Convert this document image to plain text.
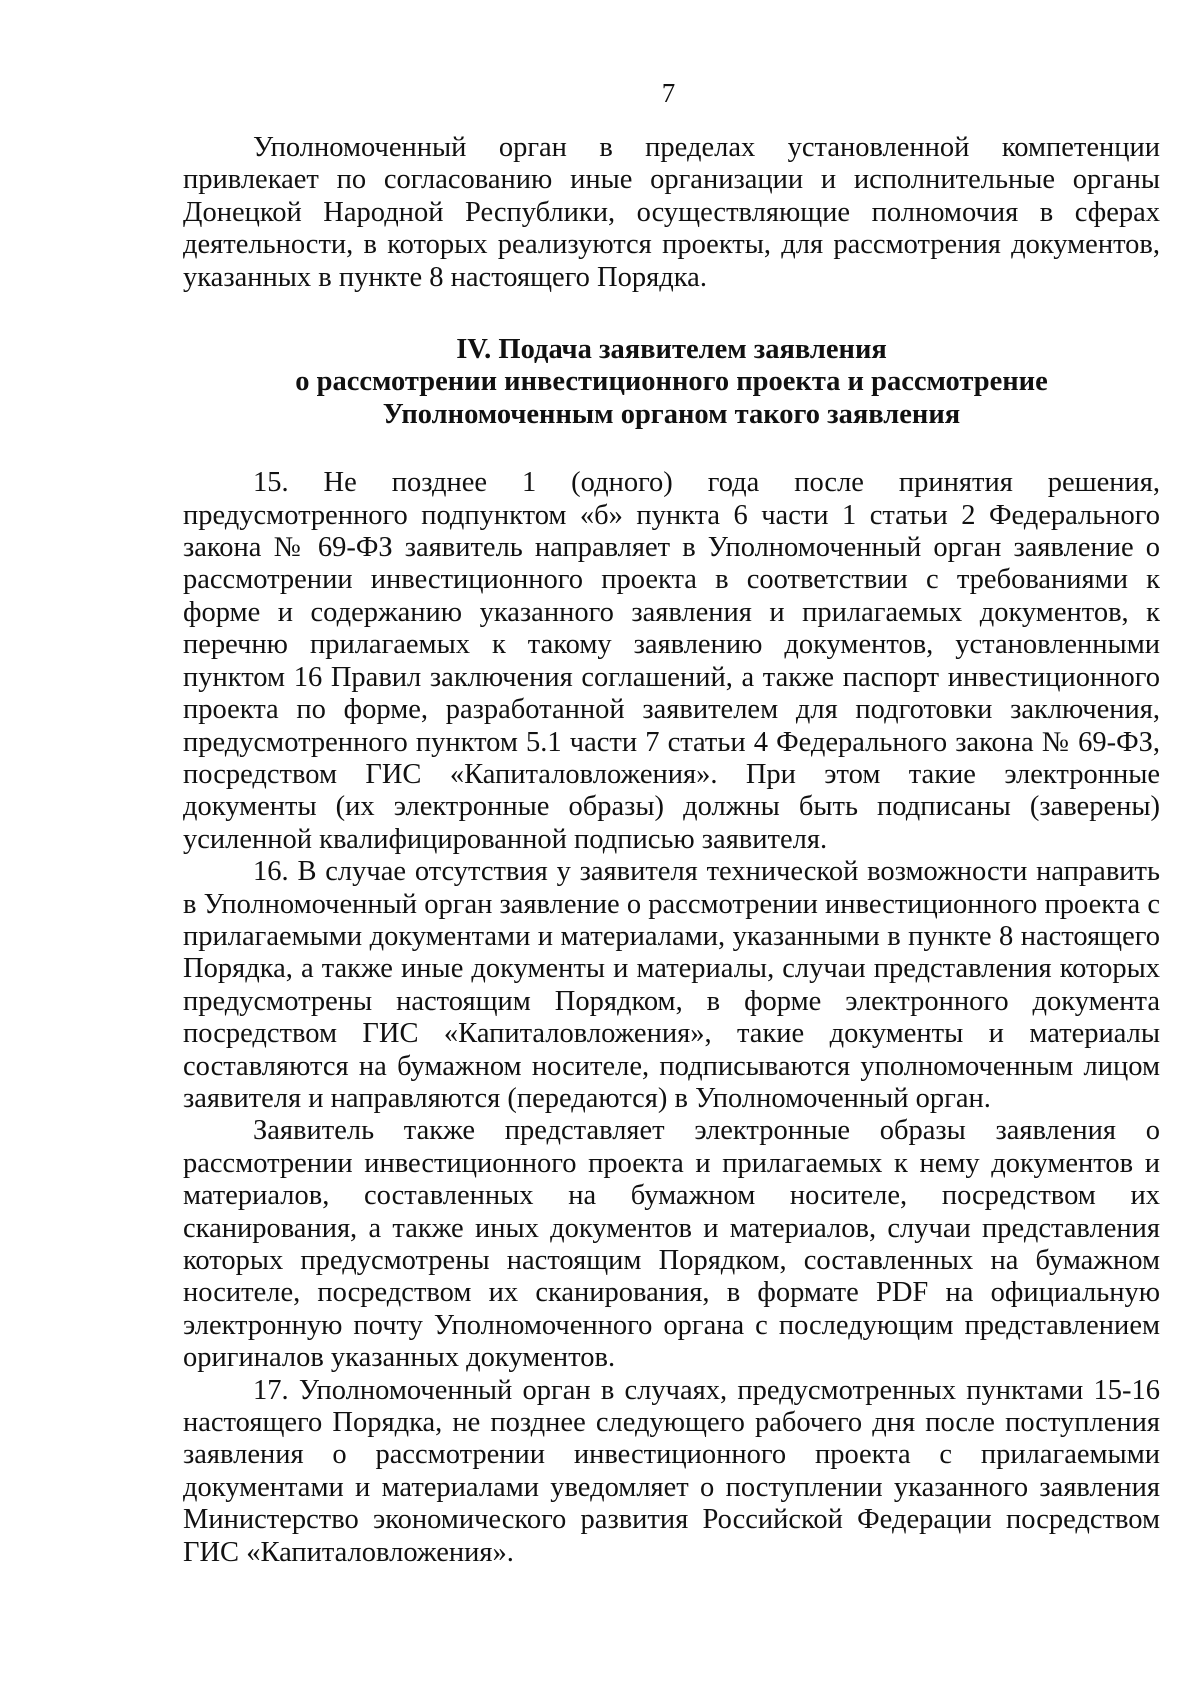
7

Уполномоченный орган в пределах установленной компетенции привлекает по согласованию иные организации и исполнительные органы Донецкой Народной Республики, осуществляющие полномочия в сферах деятельности, в которых реализуются проекты, для рассмотрения документов, указанных в пункте 8 настоящего Порядка.

IV. Подача заявителем заявления
о рассмотрении инвестиционного проекта и рассмотрение
Уполномоченным органом такого заявления

15. Не позднее 1 (одного) года после принятия решения, предусмотренного подпунктом «б» пункта 6 части 1 статьи 2 Федерального закона № 69-ФЗ заявитель направляет в Уполномоченный орган заявление о рассмотрении инвестиционного проекта в соответствии с требованиями к форме и содержанию указанного заявления и прилагаемых документов, к перечню прилагаемых к такому заявлению документов, установленными пунктом 16 Правил заключения соглашений, а также паспорт инвестиционного проекта по форме, разработанной заявителем для подготовки заключения, предусмотренного пунктом 5.1 части 7 статьи 4 Федерального закона № 69-ФЗ, посредством ГИС «Капиталовложения». При этом такие электронные документы (их электронные образы) должны быть подписаны (заверены) усиленной квалифицированной подписью заявителя.

16. В случае отсутствия у заявителя технической возможности направить в Уполномоченный орган заявление о рассмотрении инвестиционного проекта с прилагаемыми документами и материалами, указанными в пункте 8 настоящего Порядка, а также иные документы и материалы, случаи представления которых предусмотрены настоящим Порядком, в форме электронного документа посредством ГИС «Капиталовложения», такие документы и материалы составляются на бумажном носителе, подписываются уполномоченным лицом заявителя и направляются (передаются) в Уполномоченный орган.

Заявитель также представляет электронные образы заявления о рассмотрении инвестиционного проекта и прилагаемых к нему документов и материалов, составленных на бумажном носителе, посредством их сканирования, а также иных документов и материалов, случаи представления которых предусмотрены настоящим Порядком, составленных на бумажном носителе, посредством их сканирования, в формате PDF на официальную электронную почту Уполномоченного органа с последующим представлением оригиналов указанных документов.

17. Уполномоченный орган в случаях, предусмотренных пунктами 15-16 настоящего Порядка, не позднее следующего рабочего дня после поступления заявления о рассмотрении инвестиционного проекта с прилагаемыми документами и материалами уведомляет о поступлении указанного заявления Министерство экономического развития Российской Федерации посредством ГИС «Капиталовложения».
